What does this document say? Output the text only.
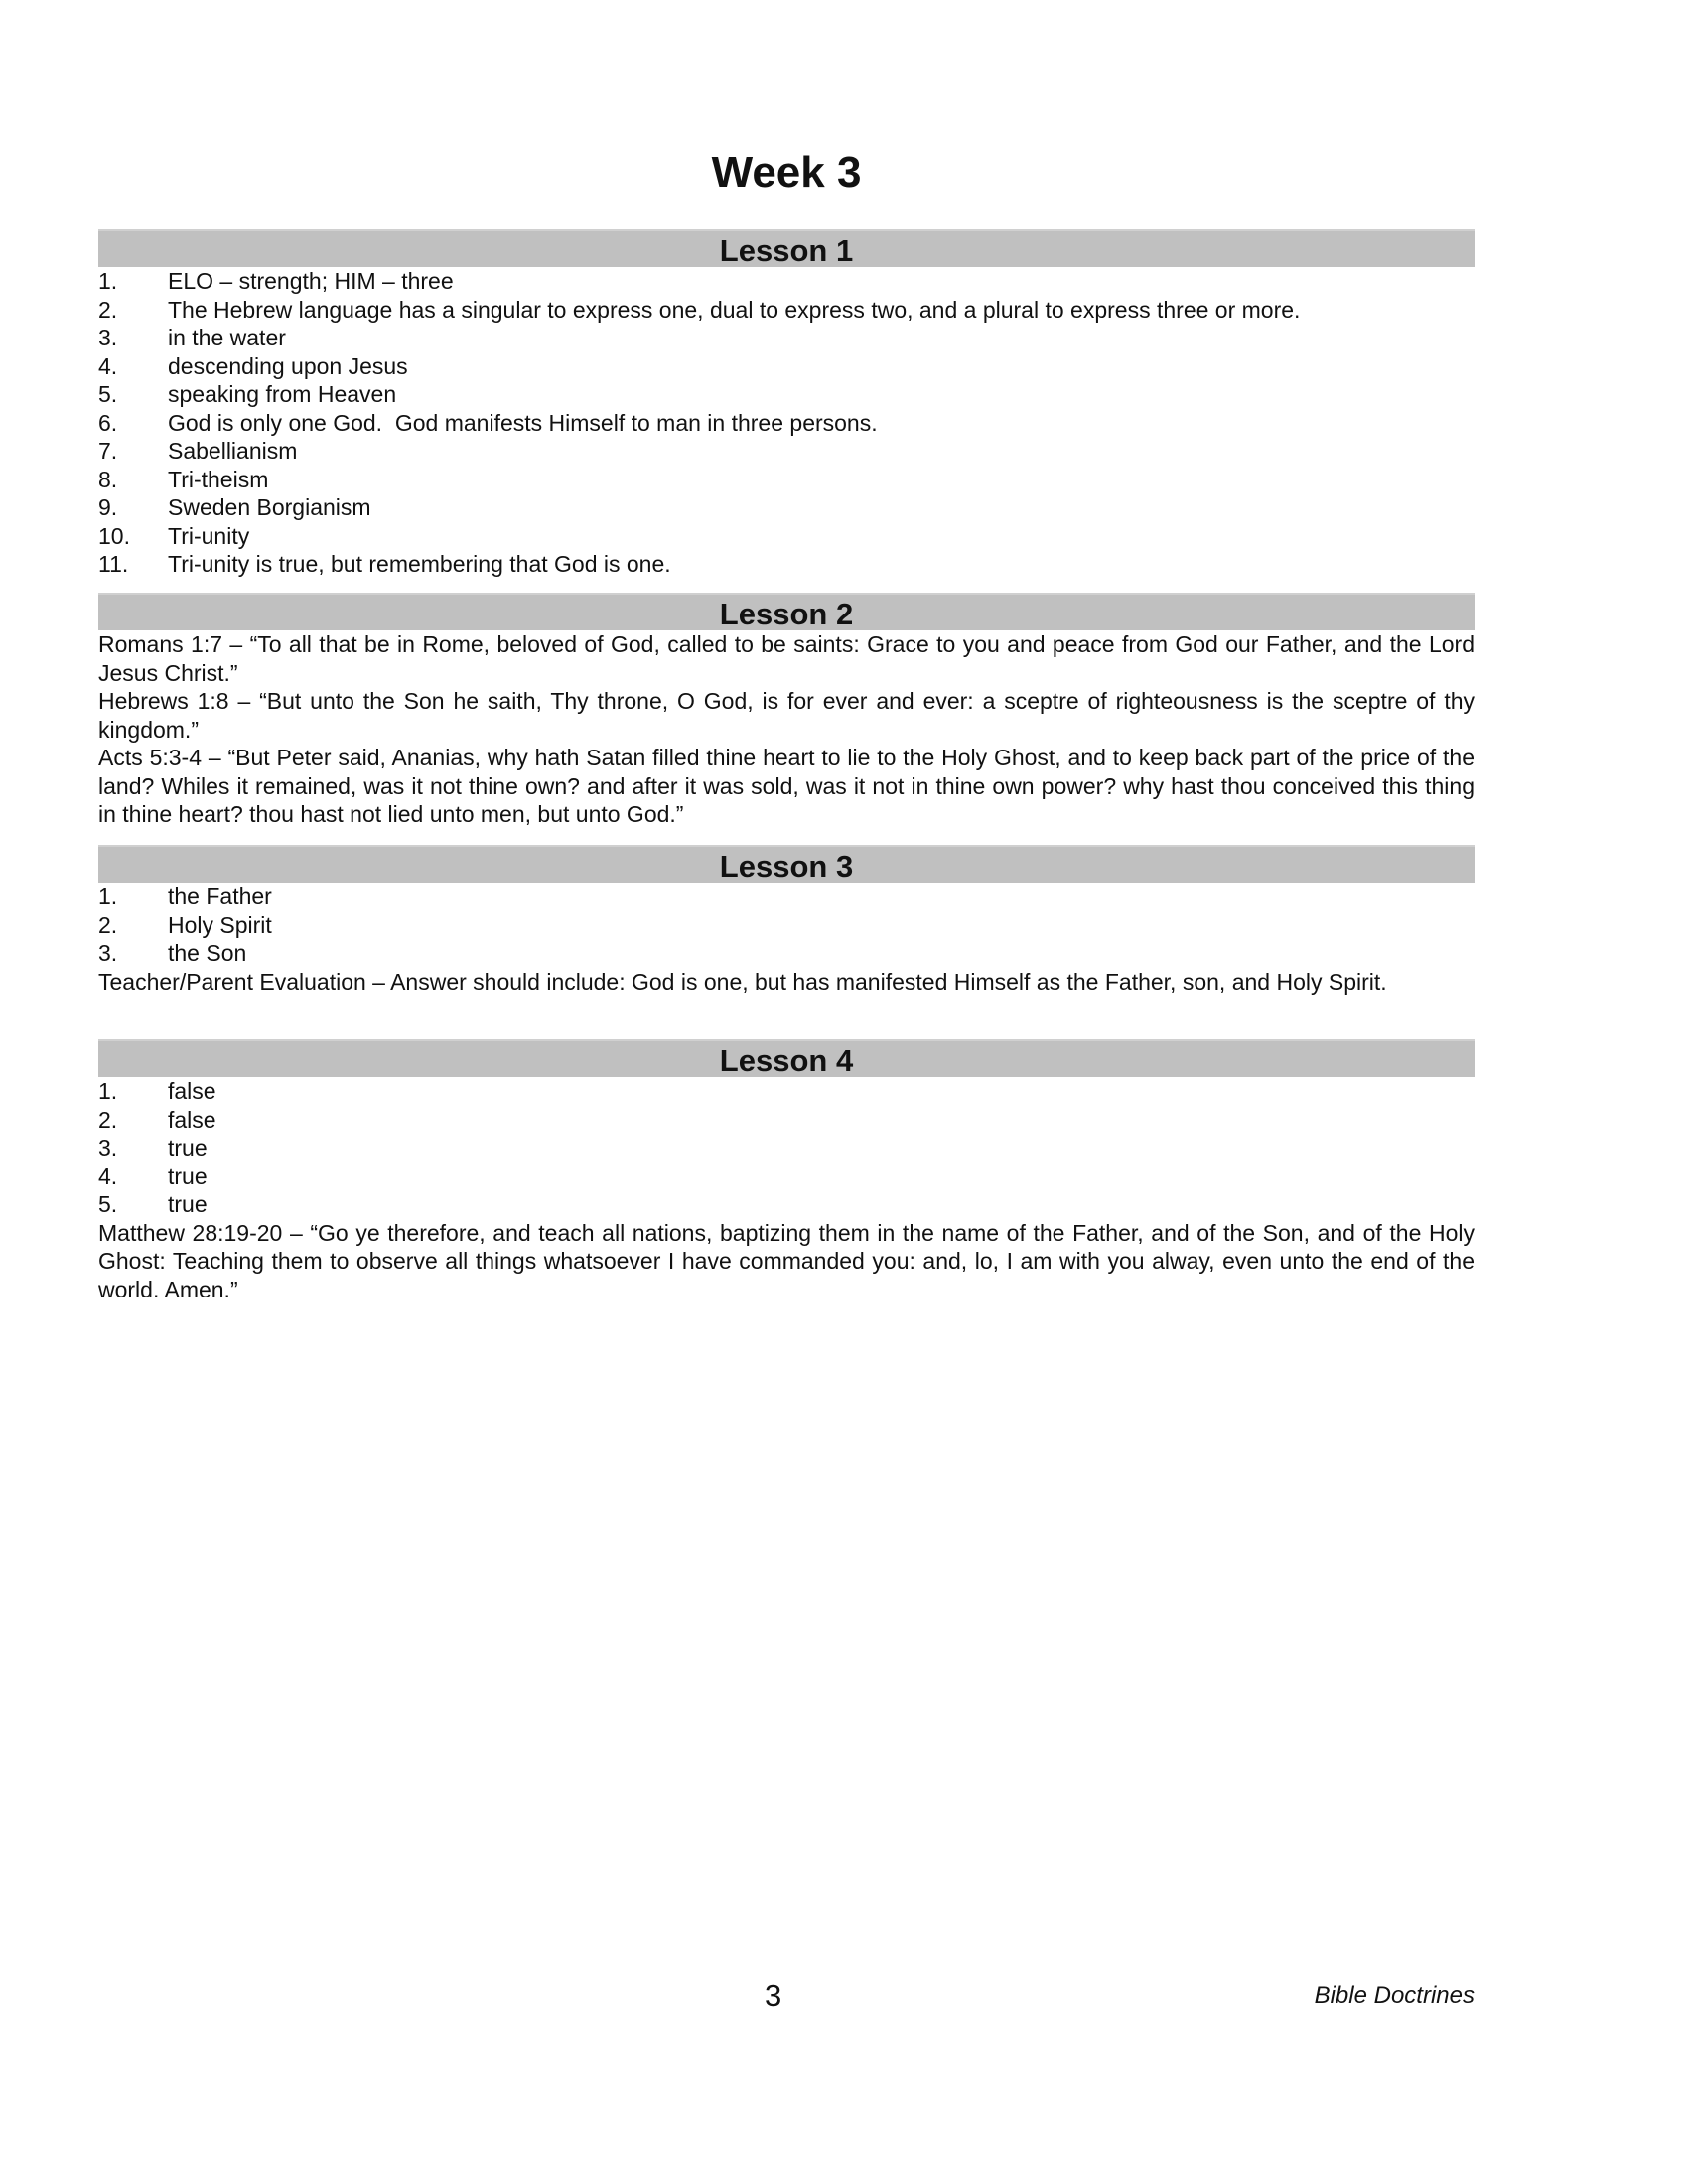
Week 3
Lesson 1
1.	ELO – strength; HIM – three
2.	The Hebrew language has a singular to express one, dual to express two, and a plural to express three or more.
3.	in the water
4.	descending upon Jesus
5.	speaking from Heaven
6.	God is only one God.  God manifests Himself to man in three persons.
7.	Sabellianism
8.	Tri-theism
9.	Sweden Borgianism
10.	Tri-unity
11.	Tri-unity is true, but remembering that God is one.
Lesson 2
Romans 1:7 – “To all that be in Rome, beloved of God, called to be saints: Grace to you and peace from God our Father, and the Lord Jesus Christ.”
Hebrews 1:8 – “But unto the Son he saith, Thy throne, O God, is for ever and ever: a sceptre of righteousness is the sceptre of thy kingdom.”
Acts 5:3-4 – “But Peter said, Ananias, why hath Satan filled thine heart to lie to the Holy Ghost, and to keep back part of the price of the land? Whiles it remained, was it not thine own? and after it was sold, was it not in thine own power? why hast thou conceived this thing in thine heart? thou hast not lied unto men, but unto God.”
Lesson 3
1.	the Father
2.	Holy Spirit
3.	the Son
Teacher/Parent Evaluation – Answer should include: God is one, but has manifested Himself as the Father, son, and Holy Spirit.
Lesson 4
1.	false
2.	false
3.	true
4.	true
5.	true
Matthew 28:19-20 – “Go ye therefore, and teach all nations, baptizing them in the name of the Father, and of the Son, and of the Holy Ghost: Teaching them to observe all things whatsoever I have commanded you: and, lo, I am with you alway, even unto the end of the world. Amen.”
3	Bible Doctrines
